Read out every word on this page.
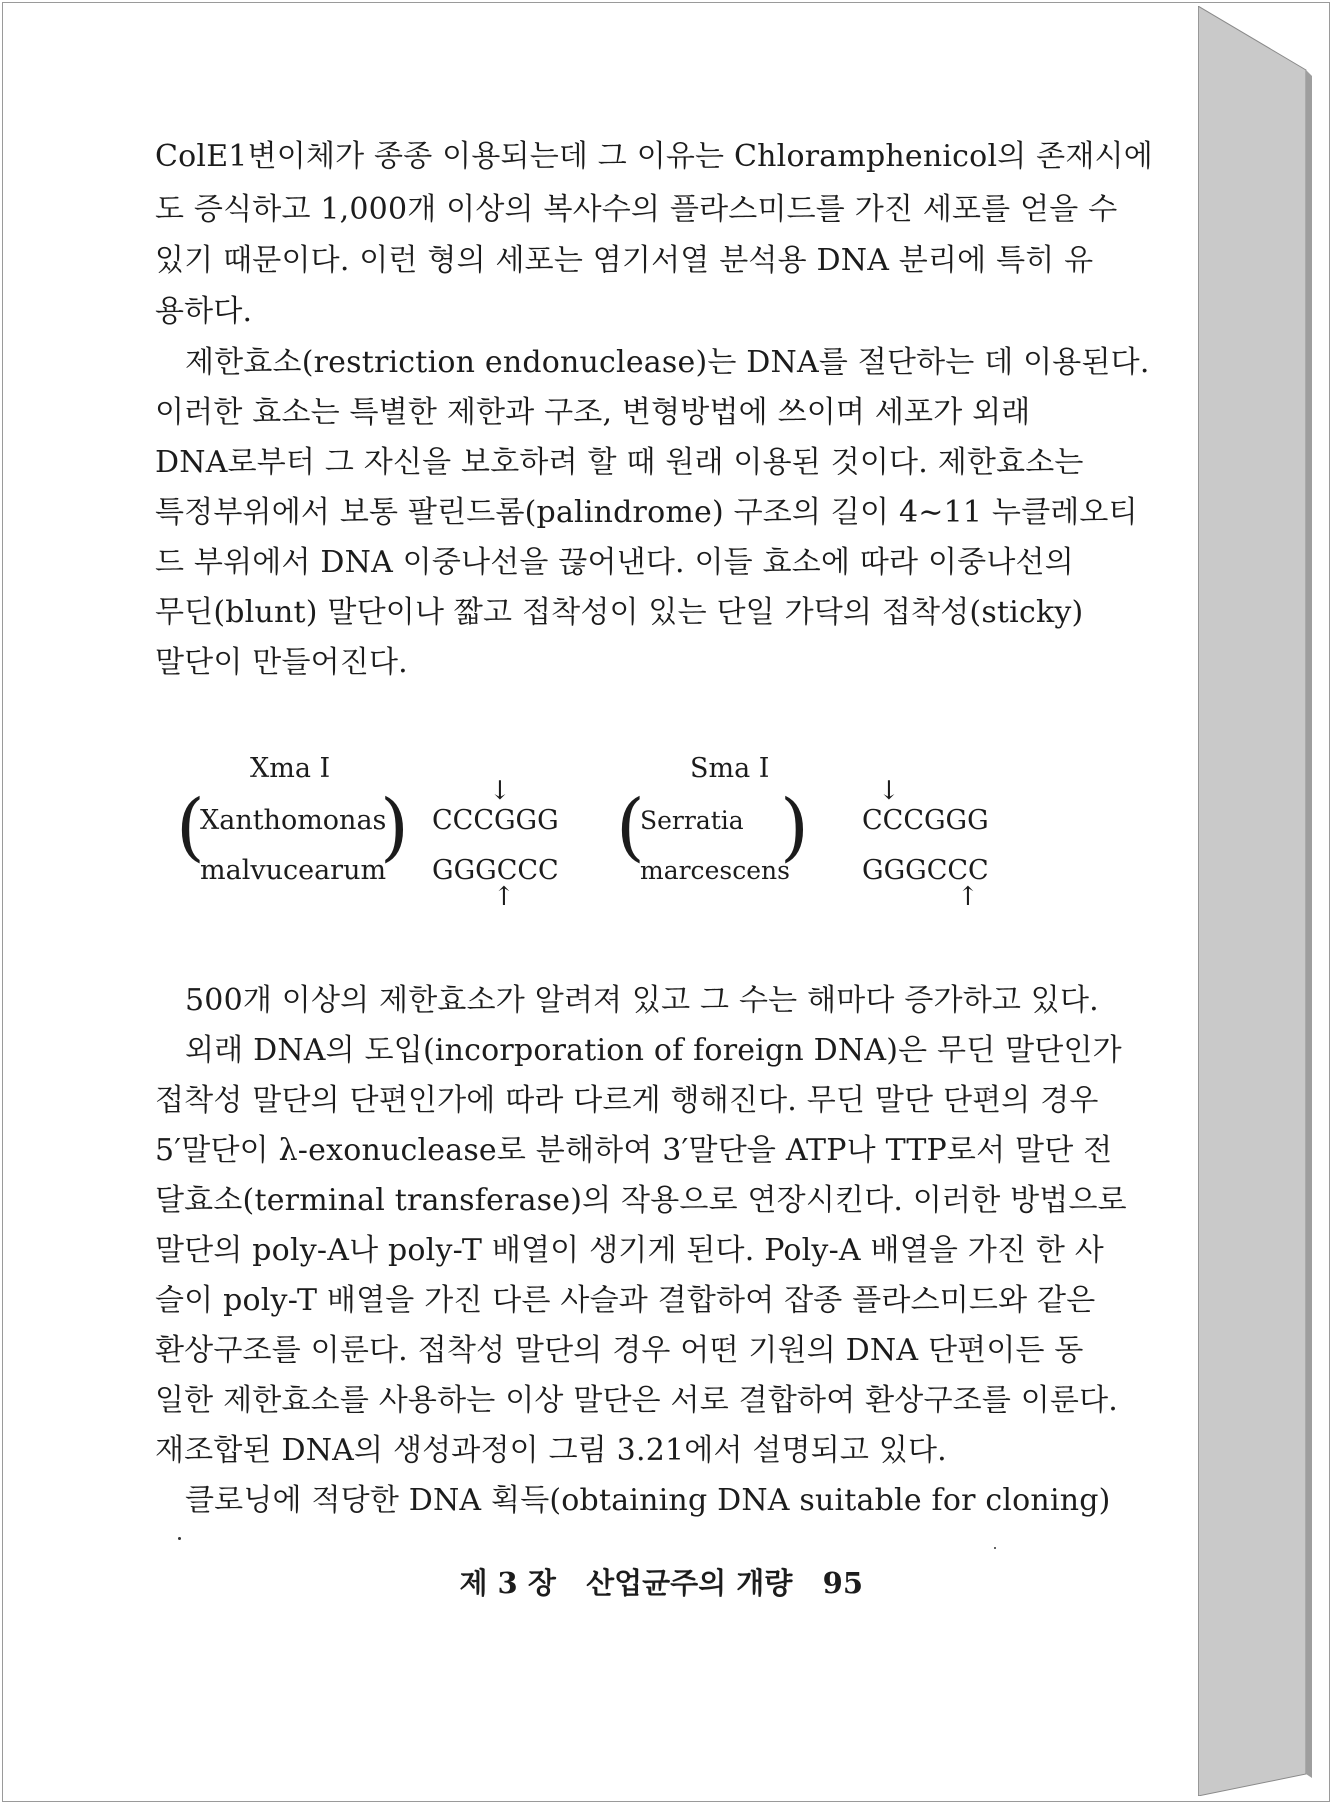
ColE1변이체가 종종 이용되는데 그 이유는 Chloramphenicol의 존재시에
도 증식하고 1,000개 이상의 복사수의 플라스미드를 가진 세포를 얻을 수
있기 때문이다. 이런 형의 세포는 염기서열 분석용 DNA 분리에 특히 유
용하다.
제한효소(restriction endonuclease)는 DNA를 절단하는 데 이용된다.
이러한 효소는 특별한 제한과 구조, 변형방법에 쓰이며 세포가 외래
DNA로부터 그 자신을 보호하려 할 때 원래 이용된 것이다. 제한효소는
특정부위에서 보통 팔린드롬(palindrome) 구조의 길이 4∼11 누클레오티
드 부위에서 DNA 이중나선을 끊어낸다. 이들 효소에 따라 이중나선의
무딘(blunt) 말단이나 짧고 접착성이 있는 단일 가닥의 접착성(sticky)
말단이 만들어진다.
Xma I
(
Xanthomonas
malvucearum
)	↓
CCCGGG
GGGCCC
↑
Sma I
(
Serratia
marcescens
)	↓
CCCGGG
GGGCCC
↑
500개 이상의 제한효소가 알려져 있고 그 수는 해마다 증가하고 있다.
외래 DNA의 도입(incorporation of foreign DNA)은 무딘 말단인가
접착성 말단의 단편인가에 따라 다르게 행해진다. 무딘 말단 단편의 경우
5′말단이 λ-exonuclease로 분해하여 3′말단을 ATP나 TTP로서 말단 전
달효소(terminal transferase)의 작용으로 연장시킨다. 이러한 방법으로
말단의 poly-A나 poly-T 배열이 생기게 된다. Poly-A 배열을 가진 한 사
슬이 poly-T 배열을 가진 다른 사슬과 결합하여 잡종 플라스미드와 같은
환상구조를 이룬다. 접착성 말단의 경우 어떤 기원의 DNA 단편이든 동
일한 제한효소를 사용하는 이상 말단은 서로 결합하여 환상구조를 이룬다.
재조합된 DNA의 생성과정이 그림 3.21에서 설명되고 있다.
클로닝에 적당한 DNA 획득(obtaining DNA suitable for cloning)
제 3 장 산업균주의 개량 95
